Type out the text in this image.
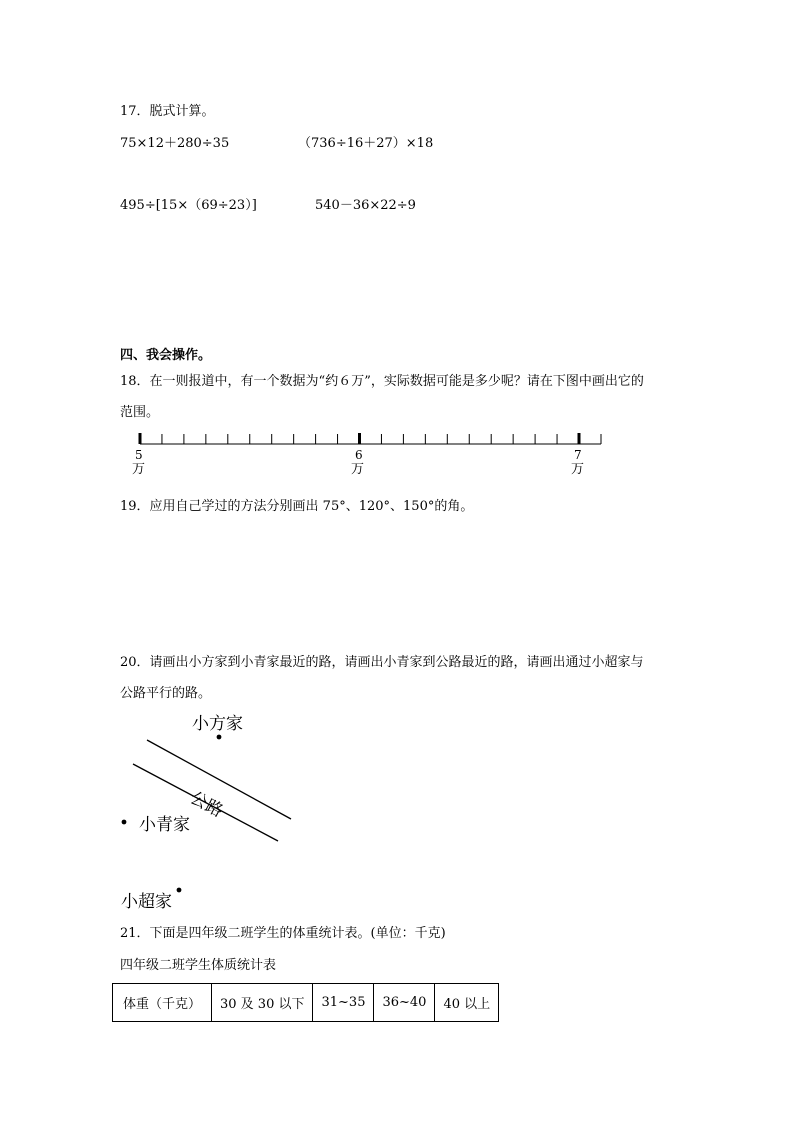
17．脱式计算。
75×12＋280÷35	（736÷16＋27）×18
495÷[15×（69÷23）]	540－36×22÷9
四、我会操作。
18．在一则报道中，有一个数据为“约６万”，实际数据可能是多少呢？请在下图中画出它的
范围。
5
万
6
万
7
万
19．应用自己学过的方法分别画出 75°、120°、150°的角。
20．请画出小方家到小青家最近的路，请画出小青家到公路最近的路，请画出通过小超家与
公路平行的路。
小方家
公路
小青家
小超家
21．下面是四年级二班学生的体重统计表。(单位：千克)
四年级二班学生体质统计表
体重（千克）	30 及 30 以下	31~35	36~40	40 以上
